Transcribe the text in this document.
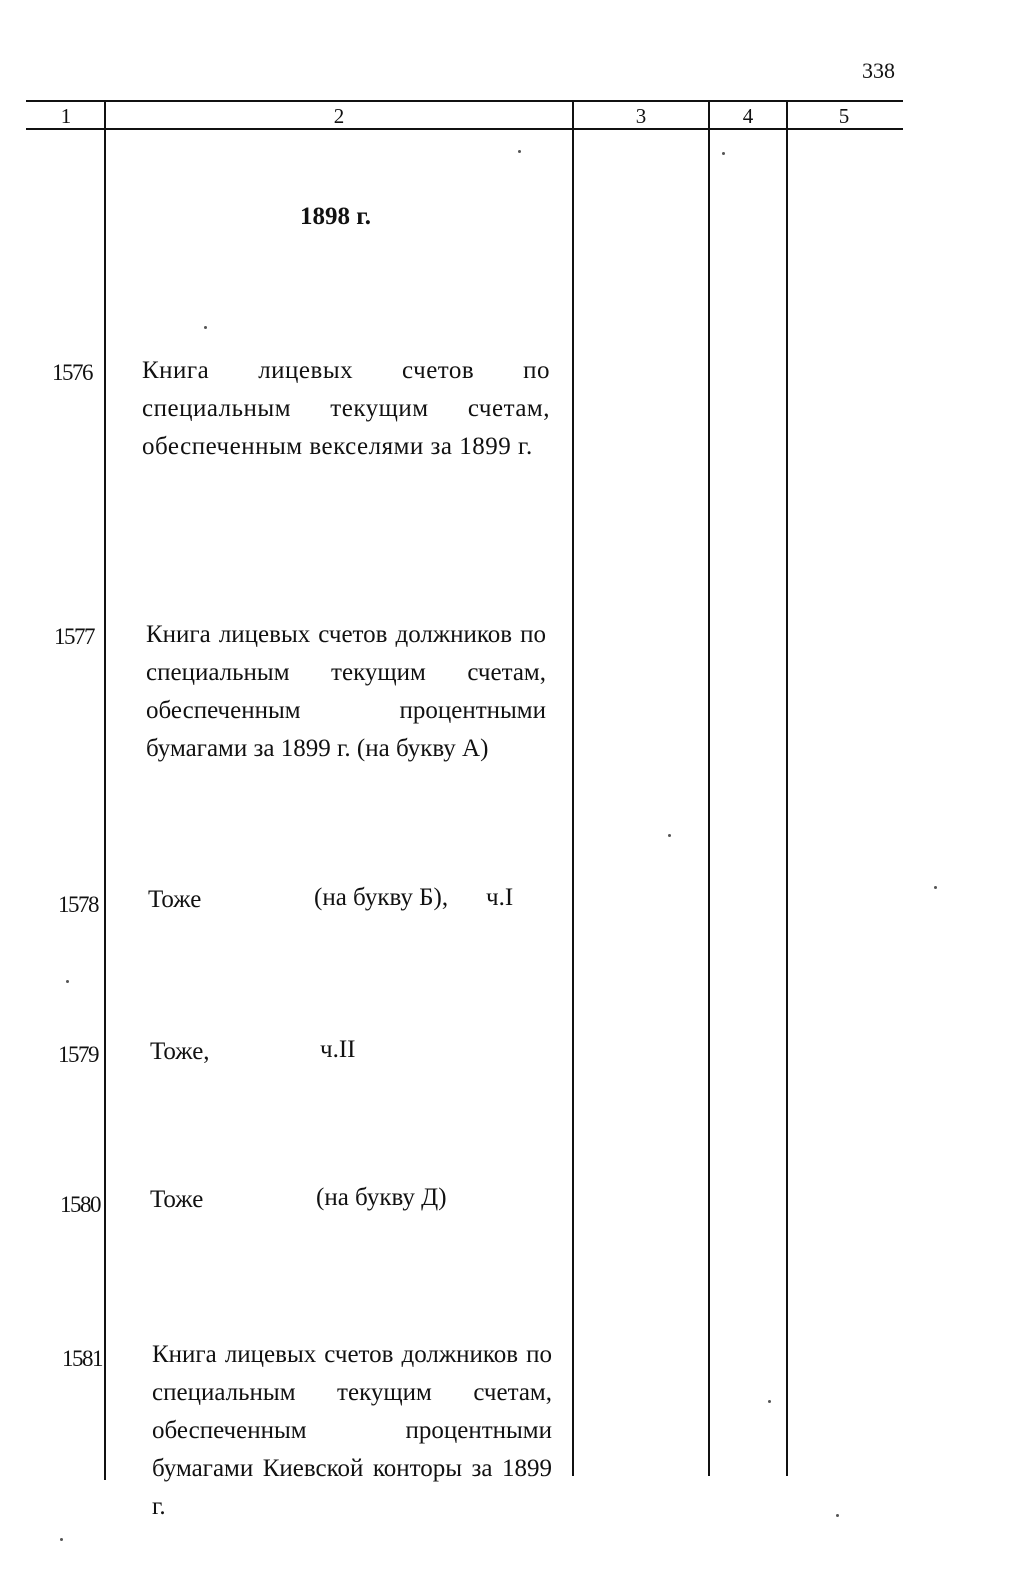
338
1	2	3	4	5
1898 г.
1576 Книга лицевых счетов по специальным текущим счетам, обеспеченным векселями за 1899 г.
1577 Книга лицевых счетов должников по специальным текущим счетам, обеспеченным процентными бумагами за 1899 г. (на букву А)
1578 Тоже	(на букву Б), ч.I
1579 Тоже,	ч.II
1580 Тоже	(на букву Д)
1581 Книга лицевых счетов должников по специальным текущим счетам, обеспеченным процентными бумагами Киевской конторы за 1899 г.
